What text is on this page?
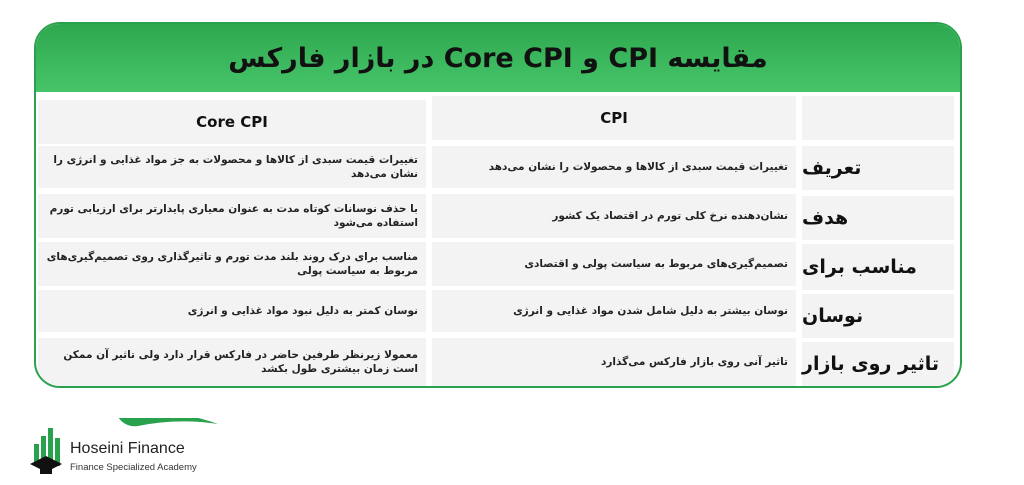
مقایسه CPI و Core CPI در بازار فارکس
CPI
Core CPI
تعریف
تغییرات قیمت سبدی از کالاها و محصولات را نشان می‌دهد
تغییرات قیمت سبدی از کالاها و محصولات به جز مواد غذایی و انرژی را نشان می‌دهد
هدف
نشان‌دهنده نرخ کلی تورم در اقتصاد یک کشور
با حذف نوسانات کوتاه مدت به عنوان معیاری پایدارتر برای ارزیابی تورم استفاده می‌شود
مناسب برای
تصمیم‌گیری‌های مربوط به سیاست پولی و اقتصادی
مناسب برای درک روند بلند مدت تورم و تاثیرگذاری روی تصمیم‌گیری‌های مربوط به سیاست پولی
نوسان
نوسان بیشتر به دلیل شامل شدن مواد غذایی و انرژی
نوسان کمتر به دلیل نبود مواد غذایی و انرژی
تاثیر روی بازار
تاثیر آنی روی بازار فارکس می‌گذارد
معمولا زیرنظر طرفین حاضر در فارکس قرار دارد ولی تاثیر آن ممکن است زمان بیشتری طول بکشد
Hoseini Finance
Finance Specialized Academy
